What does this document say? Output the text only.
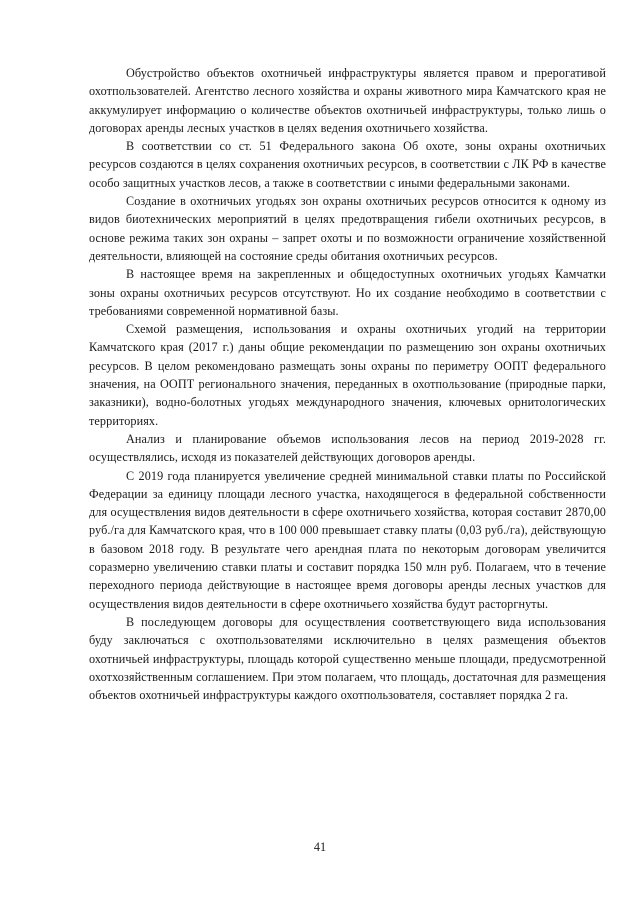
Обустройство объектов охотничьей инфраструктуры является правом и прерогативой охотпользователей. Агентство лесного хозяйства и охраны животного мира Камчатского края не аккумулирует информацию о количестве объектов охотничьей инфраструктуры, только лишь о договорах аренды лесных участков в целях ведения охотничьего хозяйства.

В соответствии со ст. 51 Федерального закона Об охоте, зоны охраны охотничьих ресурсов создаются в целях сохранения охотничьих ресурсов, в соответствии с ЛК РФ в качестве особо защитных участков лесов, а также в соответствии с иными федеральными законами.

Создание в охотничьих угодьях зон охраны охотничьих ресурсов относится к одному из видов биотехнических мероприятий в целях предотвращения гибели охотничьих ресурсов, в основе режима таких зон охраны – запрет охоты и по возможности ограничение хозяйственной деятельности, влияющей на состояние среды обитания охотничьих ресурсов.

В настоящее время на закрепленных и общедоступных охотничьих угодьях Камчатки зоны охраны охотничьих ресурсов отсутствуют. Но их создание необходимо в соответствии с требованиями современной нормативной базы.

Схемой размещения, использования и охраны охотничьих угодий на территории Камчатского края (2017 г.) даны общие рекомендации по размещению зон охраны охотничьих ресурсов. В целом рекомендовано размещать зоны охраны по периметру ООПТ федерального значения, на ООПТ регионального значения, переданных в охотпользование (природные парки, заказники), водно-болотных угодьях международного значения, ключевых орнитологических территориях.

Анализ и планирование объемов использования лесов на период 2019-2028 гг. осуществлялись, исходя из показателей действующих договоров аренды.

С 2019 года планируется увеличение средней минимальной ставки платы по Российской Федерации за единицу площади лесного участка, находящегося в федеральной собственности для осуществления видов деятельности в сфере охотничьего хозяйства, которая составит 2870,00 руб./га для Камчатского края, что в 100 000 превышает ставку платы (0,03 руб./га), действующую в базовом 2018 году. В результате чего арендная плата по некоторым договорам увеличится соразмерно увеличению ставки платы и составит порядка 150 млн руб. Полагаем, что в течение переходного периода действующие в настоящее время договоры аренды лесных участков для осуществления видов деятельности в сфере охотничьего хозяйства будут расторгнуты.

В последующем договоры для осуществления соответствующего вида использования буду заключаться с охотпользователями исключительно в целях размещения объектов охотничьей инфраструктуры, площадь которой существенно меньше площади, предусмотренной охотхозяйственным соглашением. При этом полагаем, что площадь, достаточная для размещения объектов охотничьей инфраструктуры каждого охотпользователя, составляет порядка 2 га.

41
